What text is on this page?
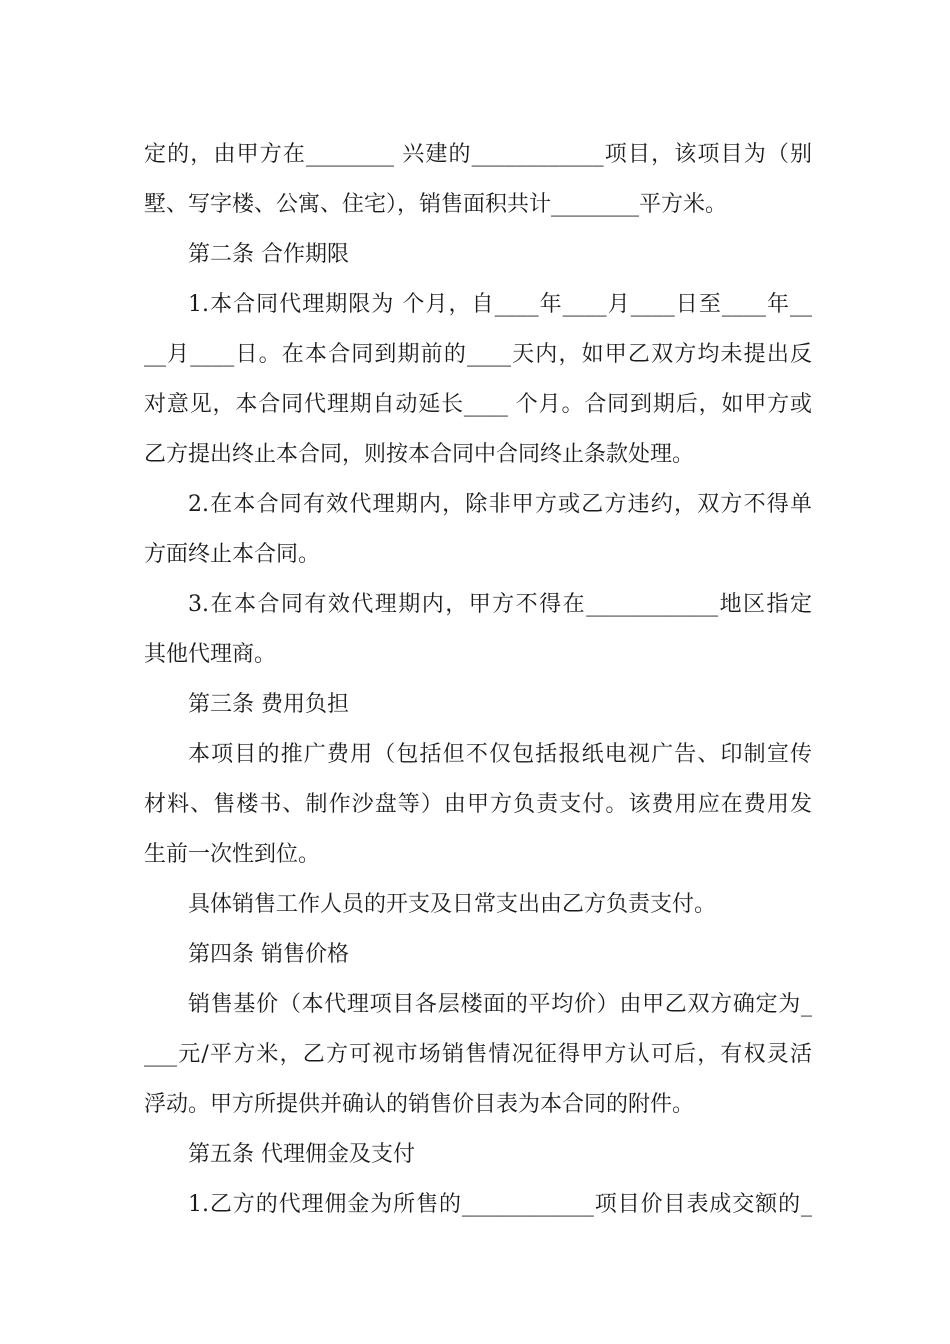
定的，由甲方在________ 兴建的____________项目，该项目为（别

墅、写字楼、公寓、住宅），销售面积共计________平方米。

第二条 合作期限

1.本合同代理期限为 个月，自____年____月____日至____年__

__月____日。在本合同到期前的____天内，如甲乙双方均未提出反

对意见，本合同代理期自动延长____ 个月。合同到期后，如甲方或

乙方提出终止本合同，则按本合同中合同终止条款处理。

2.在本合同有效代理期内，除非甲方或乙方违约，双方不得单

方面终止本合同。

3.在本合同有效代理期内，甲方不得在____________地区指定

其他代理商。

第三条 费用负担

本项目的推广费用（包括但不仅包括报纸电视广告、印制宣传

材料、售楼书、制作沙盘等）由甲方负责支付。该费用应在费用发

生前一次性到位。

具体销售工作人员的开支及日常支出由乙方负责支付。

第四条 销售价格

销售基价（本代理项目各层楼面的平均价）由甲乙双方确定为_

___元/平方米，乙方可视市场销售情况征得甲方认可后，有权灵活

浮动。甲方所提供并确认的销售价目表为本合同的附件。

第五条 代理佣金及支付

1.乙方的代理佣金为所售的____________项目价目表成交额的_
